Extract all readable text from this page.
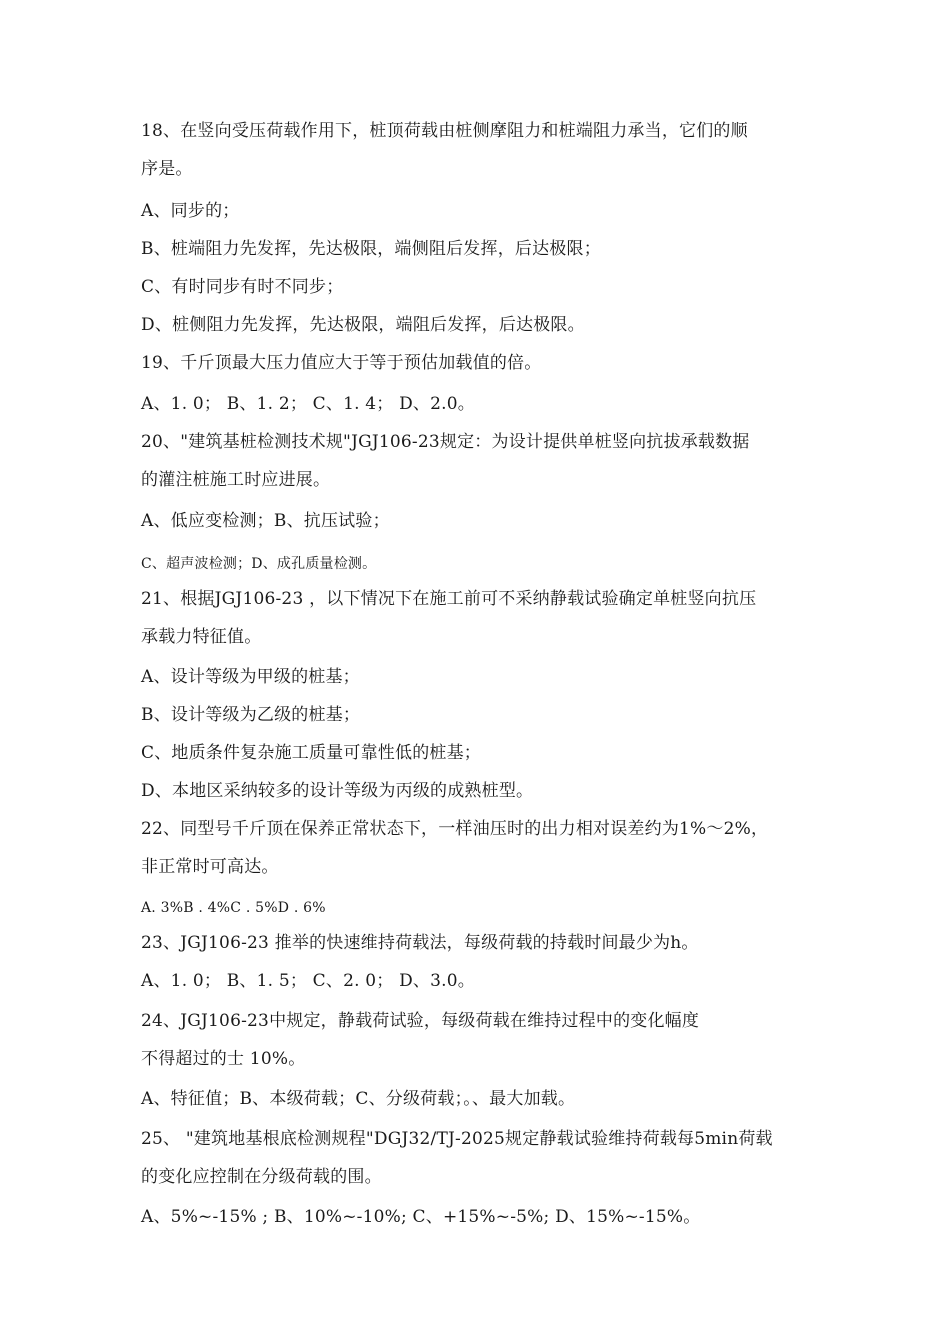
18、在竖向受压荷载作用下，桩顶荷载由桩侧摩阻力和桩端阻力承当，它们的顺
序是。
A、同步的；
B、桩端阻力先发挥，先达极限，端侧阻后发挥，后达极限；
C、有时同步有时不同步；
D、桩侧阻力先发挥，先达极限，端阻后发挥，后达极限。
19、千斤顶最大压力值应大于等于预估加载值的倍。
A、1. 0； B、1. 2； C、1. 4； D、2.0。
20、"建筑基桩检测技术规"JGJ106-23规定：为设计提供单桩竖向抗拔承载数据
的灌注桩施工时应进展。
A、低应变检测；B、抗压试验；
C、超声波检测；D、成孔质量检测。
21、根据JGJ106-23 ，以下情况下在施工前可不采纳静载试验确定单桩竖向抗压
承载力特征值。
A、设计等级为甲级的桩基；
B、设计等级为乙级的桩基；
C、地质条件复杂施工质量可靠性低的桩基；
D、本地区采纳较多的设计等级为丙级的成熟桩型。
22、同型号千斤顶在保养正常状态下，一样油压时的出力相对误差约为1%〜2%，
非正常时可高达。
A. 3%B . 4%C . 5%D . 6%
23、JGJ106-23 推举的快速维持荷载法，每级荷载的持载时间最少为h。
A、1. 0； B、1. 5； C、2. 0； D、3.0。
24、JGJ106-23中规定，静载荷试验，每级荷载在维持过程中的变化幅度
不得超过的士 10%。
A、特征值；B、本级荷载；C、分级荷载；。、最大加载。
25、 "建筑地基根底检测规程"DGJ32/TJ-2025规定静载试验维持荷载每5min荷载
的变化应控制在分级荷载的围。
A、5%~-15% ; B、10%~-10%; C、+15%~-5%; D、15%~-15%。
